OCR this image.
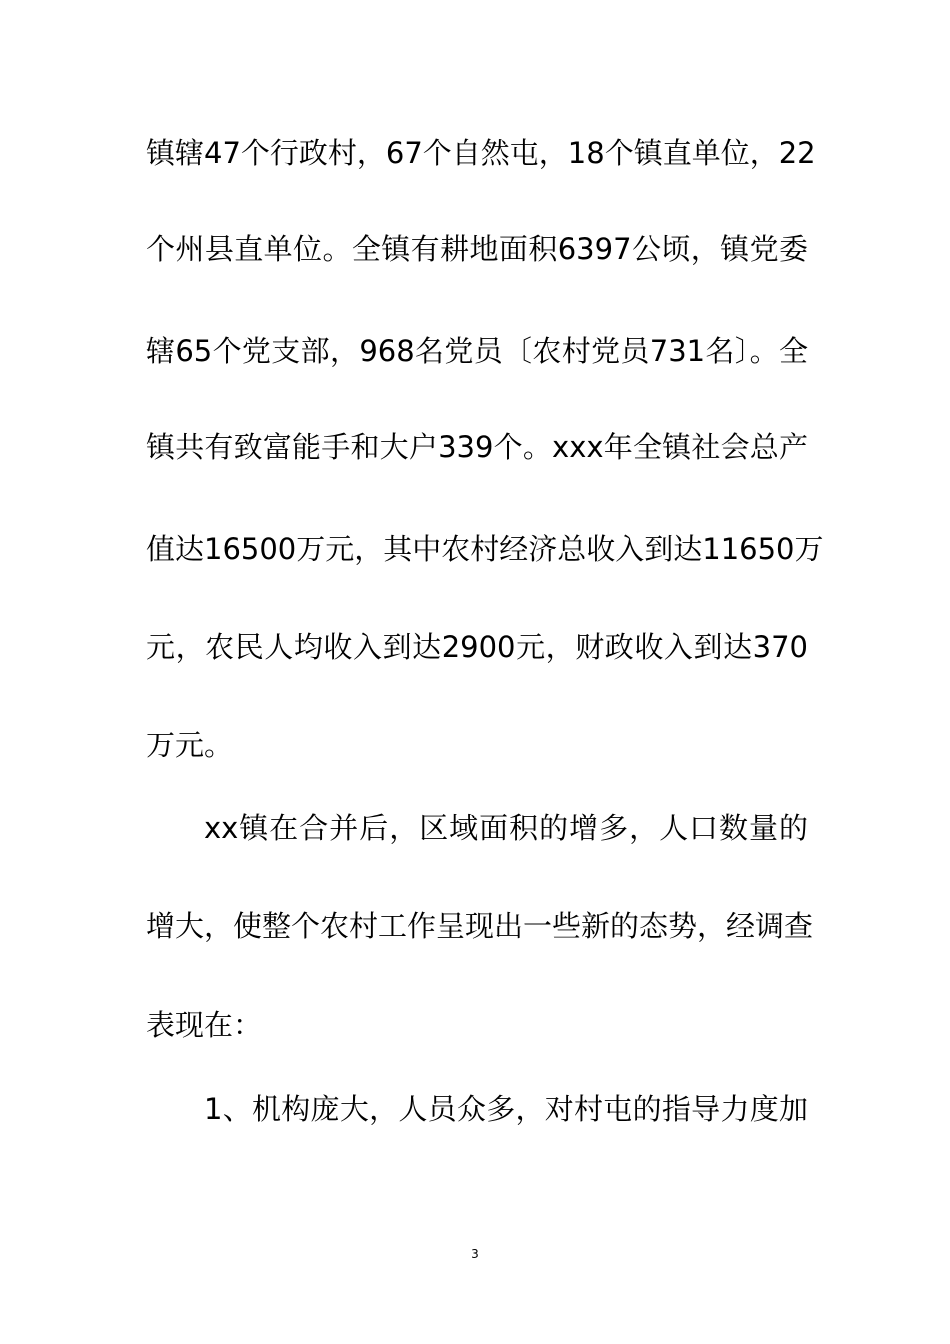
镇辖47个行政村，67个自然屯，18个镇直单位，22
个州县直单位。全镇有耕地面积6397公顷，镇党委
辖65个党支部，968名党员〔农村党员731名〕。全
镇共有致富能手和大户339个。xxx年全镇社会总产
值达16500万元，其中农村经济总收入到达11650万
元，农民人均收入到达2900元，财政收入到达370
万元。
xx镇在合并后，区域面积的增多，人口数量的
增大，使整个农村工作呈现出一些新的态势，经调查
表现在：
1、机构庞大，人员众多，对村屯的指导力度加
3
